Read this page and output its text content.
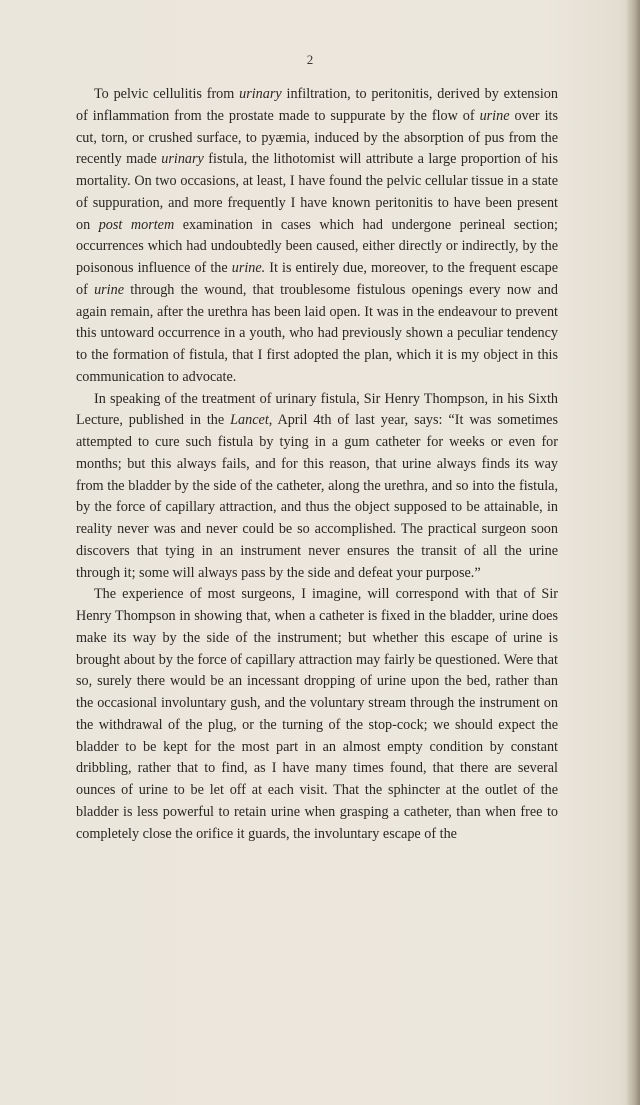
2

To pelvic cellulitis from urinary infiltration, to peritonitis, derived by extension of inflammation from the prostate made to suppurate by the flow of urine over its cut, torn, or crushed surface, to pyæmia, induced by the absorption of pus from the recently made urinary fistula, the lithotomist will attribute a large proportion of his mortality. On two occasions, at least, I have found the pelvic cellular tissue in a state of suppuration, and more frequently I have known peritonitis to have been present on post mortem examination in cases which had undergone perineal section; occurrences which had undoubtedly been caused, either directly or indirectly, by the poisonous influence of the urine. It is entirely due, moreover, to the frequent escape of urine through the wound, that troublesome fistulous openings every now and again remain, after the urethra has been laid open. It was in the endeavour to prevent this untoward occurrence in a youth, who had previously shown a peculiar tendency to the formation of fistula, that I first adopted the plan, which it is my object in this communication to advocate.

In speaking of the treatment of urinary fistula, Sir Henry Thompson, in his Sixth Lecture, published in the Lancet, April 4th of last year, says: “It was sometimes attempted to cure such fistula by tying in a gum catheter for weeks or even for months; but this always fails, and for this reason, that urine always finds its way from the bladder by the side of the catheter, along the urethra, and so into the fistula, by the force of capillary attraction, and thus the object supposed to be attainable, in reality never was and never could be so accomplished. The practical surgeon soon discovers that tying in an instrument never ensures the transit of all the urine through it; some will always pass by the side and defeat your purpose.”

The experience of most surgeons, I imagine, will correspond with that of Sir Henry Thompson in showing that, when a catheter is fixed in the bladder, urine does make its way by the side of the instrument; but whether this escape of urine is brought about by the force of capillary attraction may fairly be questioned. Were that so, surely there would be an incessant dropping of urine upon the bed, rather than the occasional involuntary gush, and the voluntary stream through the instrument on the withdrawal of the plug, or the turning of the stop-cock; we should expect the bladder to be kept for the most part in an almost empty condition by constant dribbling, rather that to find, as I have many times found, that there are several ounces of urine to be let off at each visit. That the sphincter at the outlet of the bladder is less powerful to retain urine when grasping a catheter, than when free to completely close the orifice it guards, the involuntary escape of the
